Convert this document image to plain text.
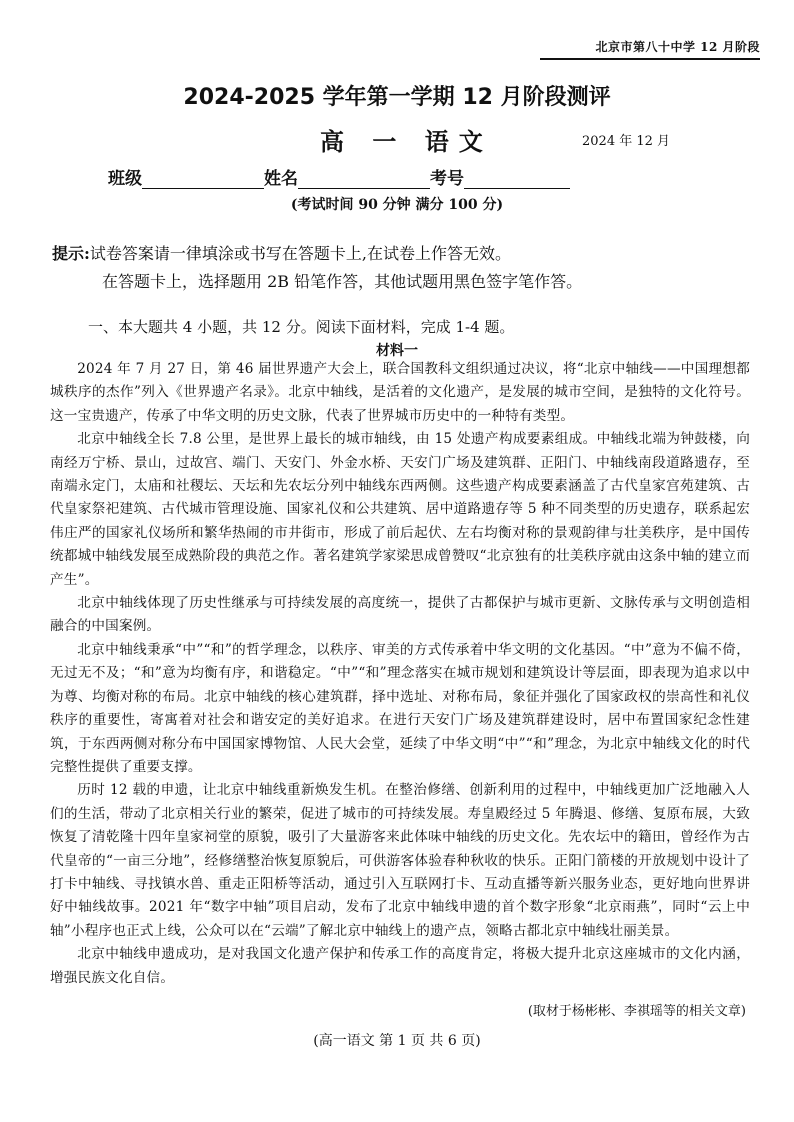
北京市第八十中学 12 月阶段
2024-2025 学年第一学期 12 月阶段测评
高 一 语文	2024 年 12 月
班级	姓名	考号
(考试时间 90 分钟 满分 100 分)
提示:试卷答案请一律填涂或书写在答题卡上,在试卷上作答无效。
在答题卡上，选择题用 2B 铅笔作答，其他试题用黑色签字笔作答。
一、本大题共 4 小题，共 12 分。阅读下面材料，完成 1-4 题。
材料一

2024 年 7 月 27 日，第 46 届世界遗产大会上，联合国教科文组织通过决议，将“北京中轴线——中国理想都城秩序的杰作”列入《世界遗产名录》。北京中轴线，是活着的文化遗产，是发展的城市空间，是独特的文化符号。这一宝贵遗产，传承了中华文明的历史文脉，代表了世界城市历史中的一种特有类型。

北京中轴线全长 7.8 公里，是世界上最长的城市轴线，由 15 处遗产构成要素组成。中轴线北端为钟鼓楼，向南经万宁桥、景山，过故宫、端门、天安门、外金水桥、天安门广场及建筑群、正阳门、中轴线南段道路遗存，至南端永定门，太庙和社稷坛、天坛和先农坛分列中轴线东西两侧。这些遗产构成要素涵盖了古代皇家宫苑建筑、古代皇家祭祀建筑、古代城市管理设施、国家礼仪和公共建筑、居中道路遗存等 5 种不同类型的历史遗存，联系起宏伟庄严的国家礼仪场所和繁华热闹的市井街市，形成了前后起伏、左右均衡对称的景观韵律与壮美秩序，是中国传统都城中轴线发展至成熟阶段的典范之作。著名建筑学家梁思成曾赞叹“北京独有的壮美秩序就由这条中轴的建立而产生”。

北京中轴线体现了历史性继承与可持续发展的高度统一，提供了古都保护与城市更新、文脉传承与文明创造相融合的中国案例。

北京中轴线秉承“中”“和”的哲学理念，以秩序、审美的方式传承着中华文明的文化基因。“中”意为不偏不倚，无过无不及；“和”意为均衡有序，和谐稳定。“中”“和”理念落实在城市规划和建筑设计等层面，即表现为追求以中为尊、均衡对称的布局。北京中轴线的核心建筑群，择中选址、对称布局，象征并强化了国家政权的崇高性和礼仪秩序的重要性，寄寓着对社会和谐安定的美好追求。在进行天安门广场及建筑群建设时，居中布置国家纪念性建筑，于东西两侧对称分布中国国家博物馆、人民大会堂，延续了中华文明“中”“和”理念，为北京中轴线文化的时代完整性提供了重要支撑。

历时 12 载的申遗，让北京中轴线重新焕发生机。在整治修缮、创新利用的过程中，中轴线更加广泛地融入人们的生活，带动了北京相关行业的繁荣，促进了城市的可持续发展。寿皇殿经过 5 年腾退、修缮、复原布展，大致恢复了清乾隆十四年皇家祠堂的原貌，吸引了大量游客来此体味中轴线的历史文化。先农坛中的籍田，曾经作为古代皇帝的“一亩三分地”，经修缮整治恢复原貌后，可供游客体验春种秋收的快乐。正阳门箭楼的开放规划中设计了打卡中轴线、寻找镇水兽、重走正阳桥等活动，通过引入互联网打卡、互动直播等新兴服务业态，更好地向世界讲好中轴线故事。2021 年“数字中轴”项目启动，发布了北京中轴线申遗的首个数字形象“北京雨燕”，同时“云上中轴”小程序也正式上线，公众可以在“云端”了解北京中轴线上的遗产点，领略古都北京中轴线壮丽美景。

北京中轴线申遗成功，是对我国文化遗产保护和传承工作的高度肯定，将极大提升北京这座城市的文化内涵，增强民族文化自信。

(取材于杨彬彬、李祺瑶等的相关文章)
(高一语文 第 1 页 共 6 页)
